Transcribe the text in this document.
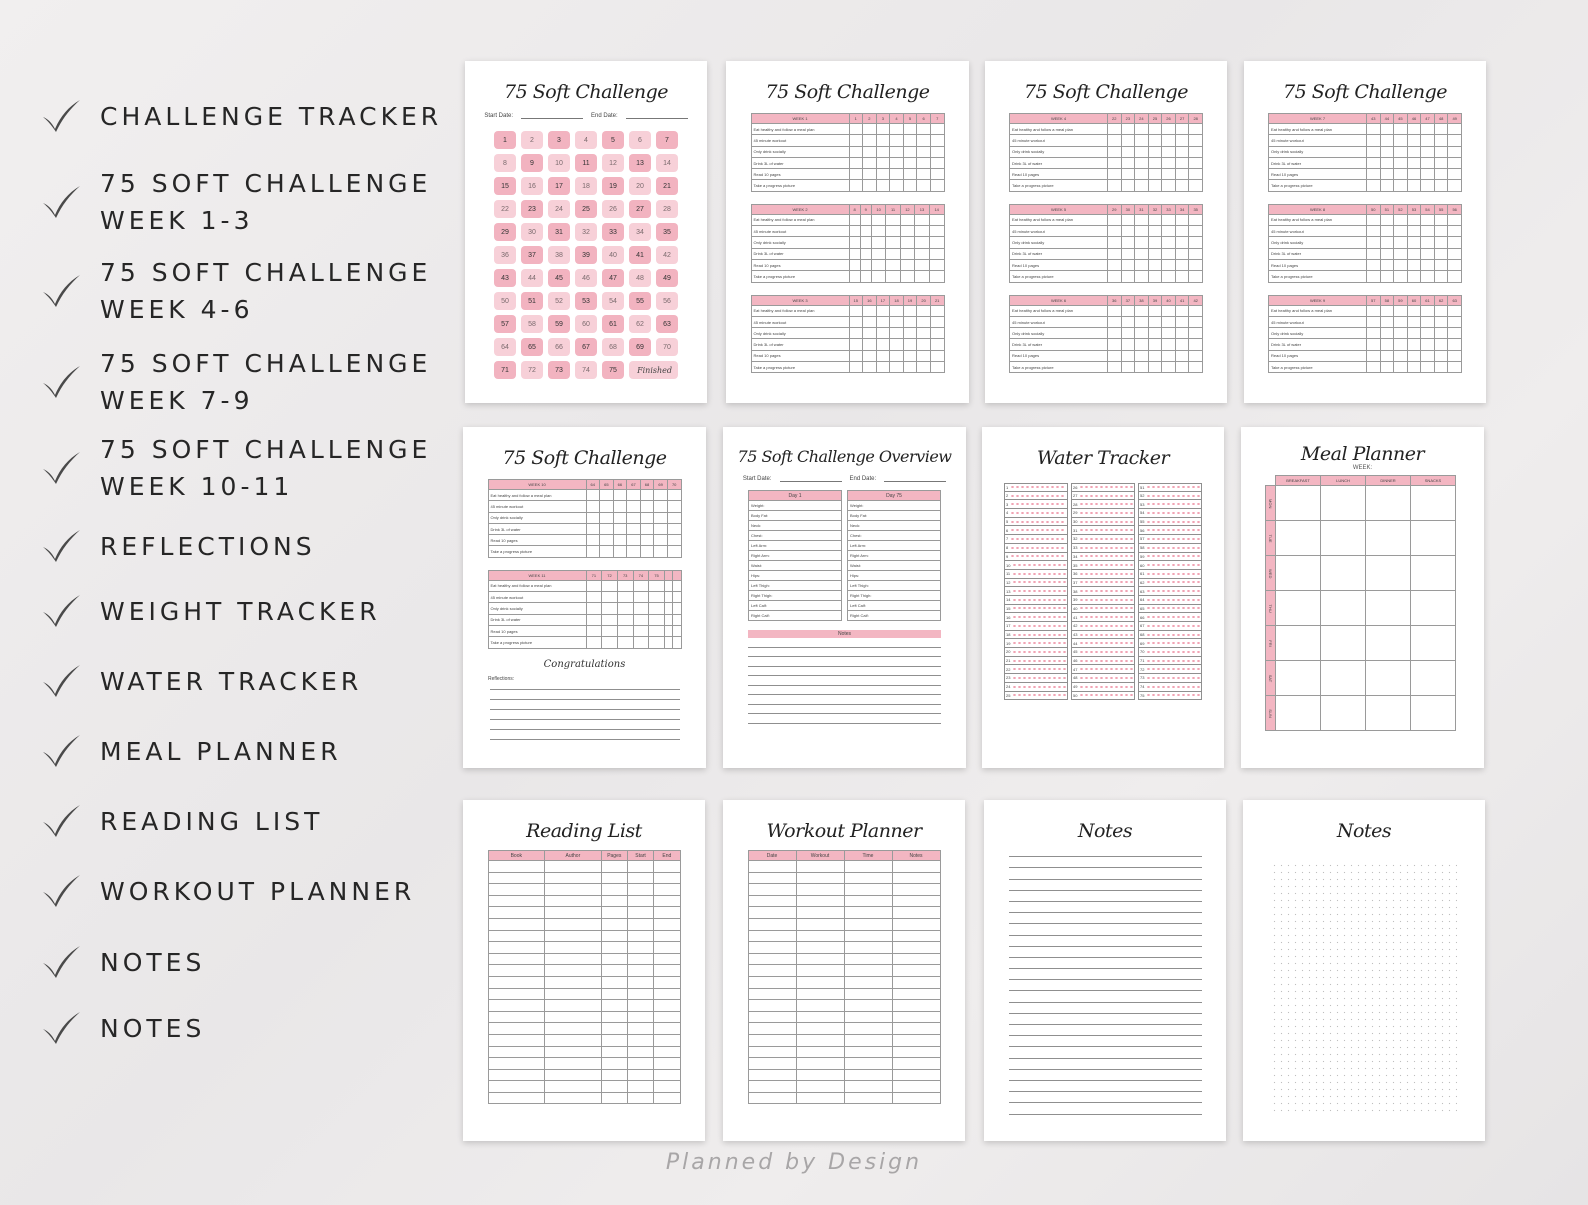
CHALLENGE TRACKER
75 SOFT CHALLENGE
WEEK 1-3
75 SOFT CHALLENGE
WEEK 4-6
75 SOFT CHALLENGE
WEEK 7-9
75 SOFT CHALLENGE
WEEK 10-11
REFLECTIONS
WEIGHT TRACKER
WATER TRACKER
MEAL PLANNER
READING LIST
WORKOUT PLANNER
NOTES
NOTES
75 Soft Challenge
Start Date:	End Date:
1	2	3	4	5	6	7
8	9	10	11	12	13	14
15	16	17	18	19	20	21
22	23	24	25	26	27	28
29	30	31	32	33	34	35
36	37	38	39	40	41	42
43	44	45	46	47	48	49
50	51	52	53	54	55	56
57	58	59	60	61	62	63
64	65	66	67	68	69	70
71	72	73	74	75	Finished
75 Soft Challenge
WEEK 1	1	2	3	4	5	6	7
Eat healthy and follow a meal plan							
45 minute workout							
Only drink socially							
Drink 3L of water							
Read 10 pages							
Take a progress picture							
WEEK 2	8	9	10	11	12	13	14
Eat healthy and follow a meal plan							
45 minute workout							
Only drink socially							
Drink 3L of water							
Read 10 pages							
Take a progress picture							
WEEK 3	15	16	17	18	19	20	21
Eat healthy and follow a meal plan							
45 minute workout							
Only drink socially							
Drink 3L of water							
Read 10 pages							
Take a progress picture							
75 Soft Challenge
WEEK 4	22	23	24	25	26	27	28
Eat healthy and follow a meal plan							
45 minute workout							
Only drink socially							
Drink 3L of water							
Read 10 pages							
Take a progress picture							
WEEK 5	29	30	31	32	33	34	35
Eat healthy and follow a meal plan							
45 minute workout							
Only drink socially							
Drink 3L of water							
Read 10 pages							
Take a progress picture							
WEEK 6	36	37	38	39	40	41	42
Eat healthy and follow a meal plan							
45 minute workout							
Only drink socially							
Drink 3L of water							
Read 10 pages							
Take a progress picture							
75 Soft Challenge
WEEK 7	43	44	45	46	47	48	49
Eat healthy and follow a meal plan							
45 minute workout							
Only drink socially							
Drink 3L of water							
Read 10 pages							
Take a progress picture							
WEEK 8	50	51	52	53	54	55	56
Eat healthy and follow a meal plan							
45 minute workout							
Only drink socially							
Drink 3L of water							
Read 10 pages							
Take a progress picture							
WEEK 9	57	58	59	60	61	62	63
Eat healthy and follow a meal plan							
45 minute workout							
Only drink socially							
Drink 3L of water							
Read 10 pages							
Take a progress picture							
75 Soft Challenge
WEEK 10	64	65	66	67	68	69	70
Eat healthy and follow a meal plan							
45 minute workout							
Only drink socially							
Drink 3L of water							
Read 10 pages							
Take a progress picture							
WEEK 11	71	72	73	74	75		
Eat healthy and follow a meal plan							
45 minute workout							
Only drink socially							
Drink 3L of water							
Read 10 pages							
Take a progress picture							
Congratulations
Reflections:
75 Soft Challenge Overview
Start Date:	End Date:
Day 1
Weight:
Body Fat:
Neck:
Chest:
Left Arm:
Right Arm:
Waist:
Hips:
Left Thigh:
Right Thigh:
Left Calf:
Right Calf:
Day 75
Weight:
Body Fat:
Neck:
Chest:
Left Arm:
Right Arm:
Waist:
Hips:
Left Thigh:
Right Thigh:
Left Calf:
Right Calf:
Notes
Water Tracker
1
2
3
4
5
6
7
8
9
10
11
12
13
14
15
16
17
18
19
20
21
22
23
24
25
26
27
28
29
30
31
32
33
34
35
36
37
38
39
40
41
42
43
44
45
46
47
48
49
50
51
52
53
54
55
56
57
58
59
60
61
62
63
64
65
66
67
68
69
70
71
72
73
74
75
Meal Planner
WEEK:
	BREAKFAST	LUNCH	DINNER	SNACKS

MON				

TUE				

WED				

THU				

FRI				

SAT				

SUN				

Reading List
Book	Author	Pages	Start	End

Workout Planner
Date	Workout	Time	Notes

Notes	Notes
Planned by Design
